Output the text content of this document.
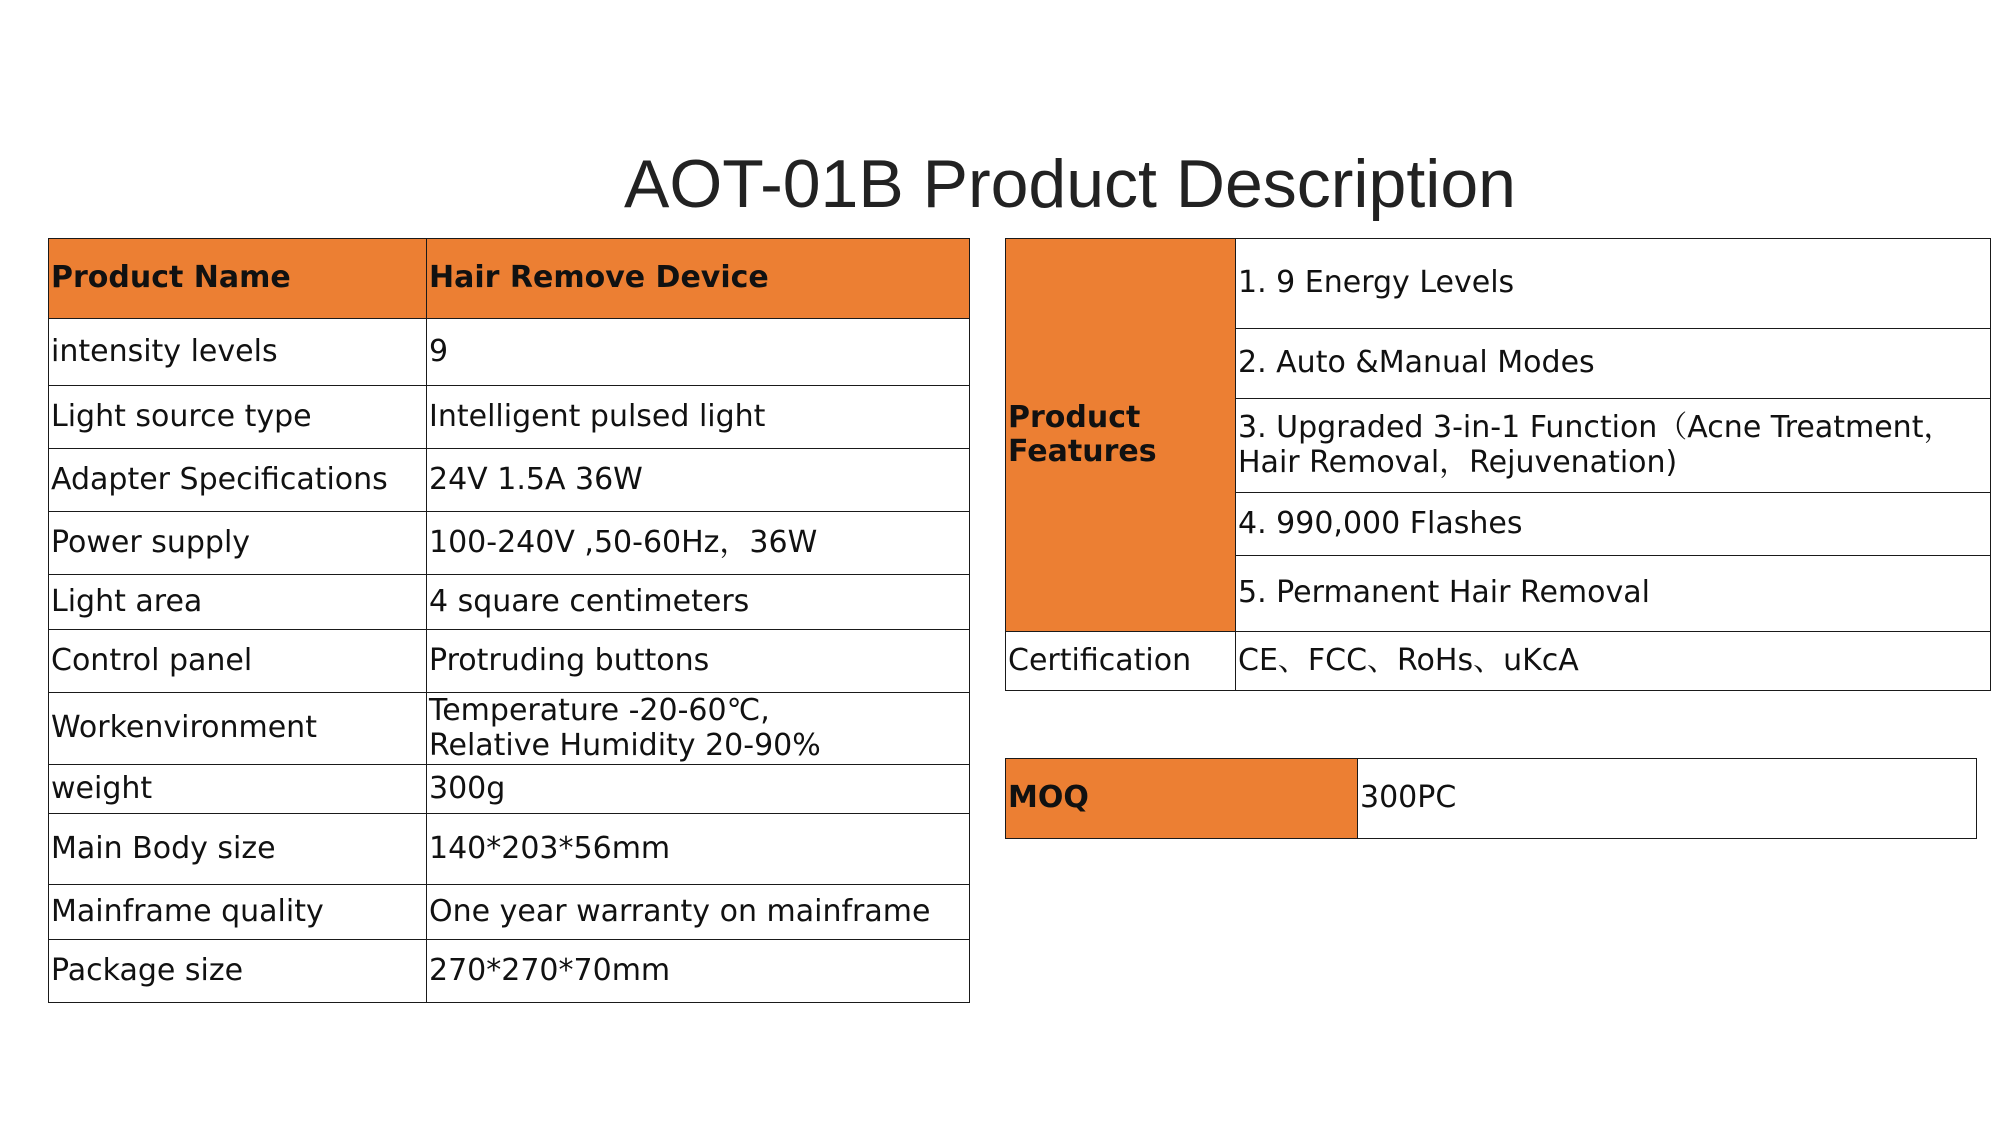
AOT-01B Product Description
Product Name	Hair Remove Device
intensity levels	9
Light source type	Intelligent pulsed light
Adapter Specifications	24V 1.5A 36W
Power supply	100-240V ,50-60Hz，36W
Light area	4 square centimeters
Control panel	Protruding buttons
Workenvironment	Temperature -20-60℃,
Relative Humidity 20-90%
weight	300g
Main Body size	140*203*56mm
Mainframe quality	One year warranty on mainframe
Package size	270*270*70mm
Product
Features	1. 9 Energy Levels
	2. Auto &Manual Modes
	3. Upgraded 3-in-1 Function（Acne Treatment，Hair Removal，Rejuvenation)
	4. 990,000 Flashes
	5. Permanent Hair Removal
Certification	CE、FCC、RoHs、uKcA
MOQ	300PC
